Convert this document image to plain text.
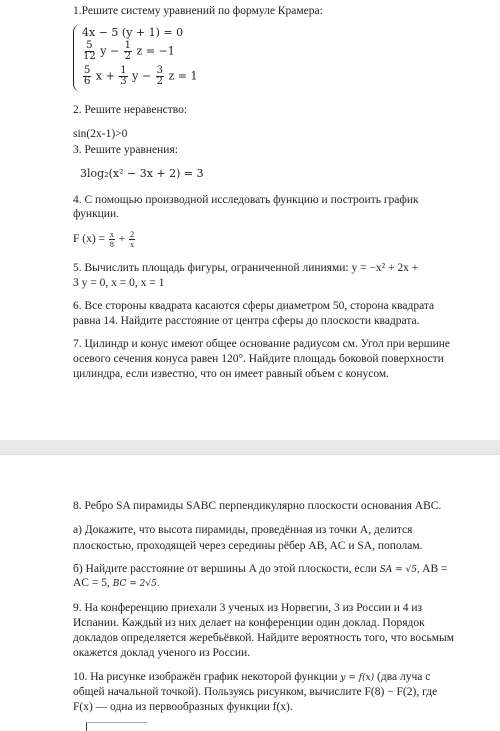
1.Решите систему уравнений по формуле Крамера:
4x − 5 (y + 1) = 0
$\frac{5}{12}$ $y - \frac{1}{2}$ z = −1
$\frac{5}{6}$ $x + \frac{1}{3}$ $y - \frac{3}{2}$ z = 1
2. Решите неравенство:
sin(2x-1)>0
3. Решите уравнения:
3log₂(x² − 3x + 2) = 3
4. С помощью производной исследовать функцию и построить график
функции.
F $(x) = \frac{x}{8} + \frac{2}{x}$
5. Вычислить площадь фигуры, ограниченной линиями: y = −x² + 2x +
3 y = 0, x = 0, x = 1
6. Все стороны квадрата касаются сферы диаметром 50, сторона квадрата
равна 14. Найдите расстояние от центра сферы до плоскости квадрата.
7. Цилиндр и конус имеют общее основание радиусом см. Угол при вершине
осевого сечения конуса равен 120°. Найдите площадь боковой поверхности
цилиндра, если известно, что он имеет равный объем с конусом.
8. Ребро SA пирамиды SABC перпендикулярно плоскости основания ABC.
а) Докажите, что высота пирамиды, проведённая из точки A, делится
плоскостью, проходящей через середины рёбер AB, AC и SA, пополам.
б) Найдите расстояние от вершины A до этой плоскости, если SA = √5, AB =
AC = 5, BC = 2√5.
9. На конференцию приехали 3 ученых из Норвегии, 3 из России и 4 из
Испании. Каждый из них делает на конференции один доклад. Порядок
докладов определяется жеребьёвкой. Найдите вероятность того, что восьмым
окажется доклад ученого из России.
10. На рисунке изображён график некоторой функции y = f(x) (два луча с
общей начальной точкой). Пользуясь рисунком, вычислите F(8) − F(2), где
F(x) — одна из первообразных функции f(x).
